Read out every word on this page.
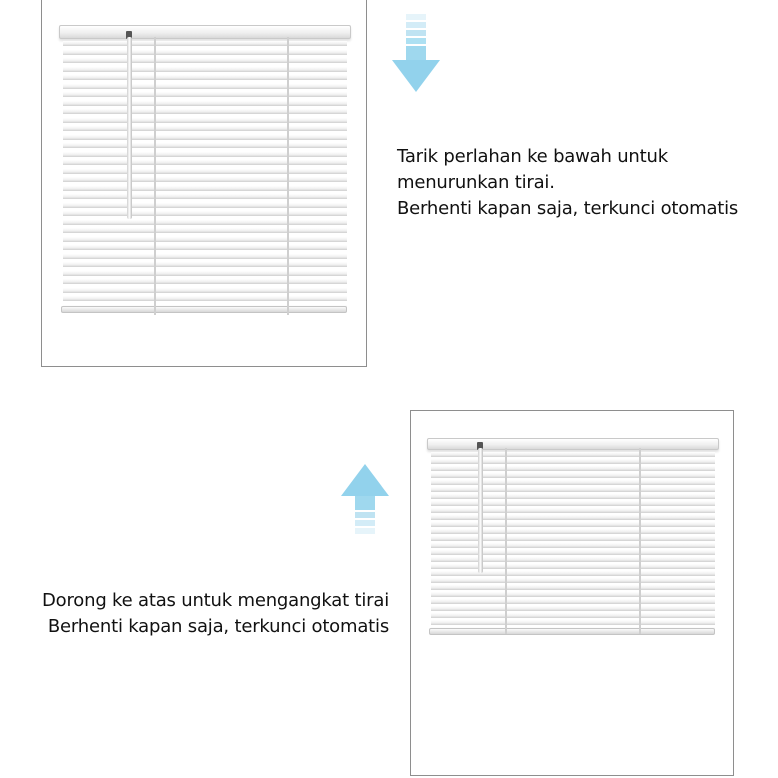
Tarik perlahan ke bawah untuk
menurunkan tirai.
Berhenti kapan saja, terkunci otomatis
Dorong ke atas untuk mengangkat tirai
Berhenti kapan saja, terkunci otomatis
